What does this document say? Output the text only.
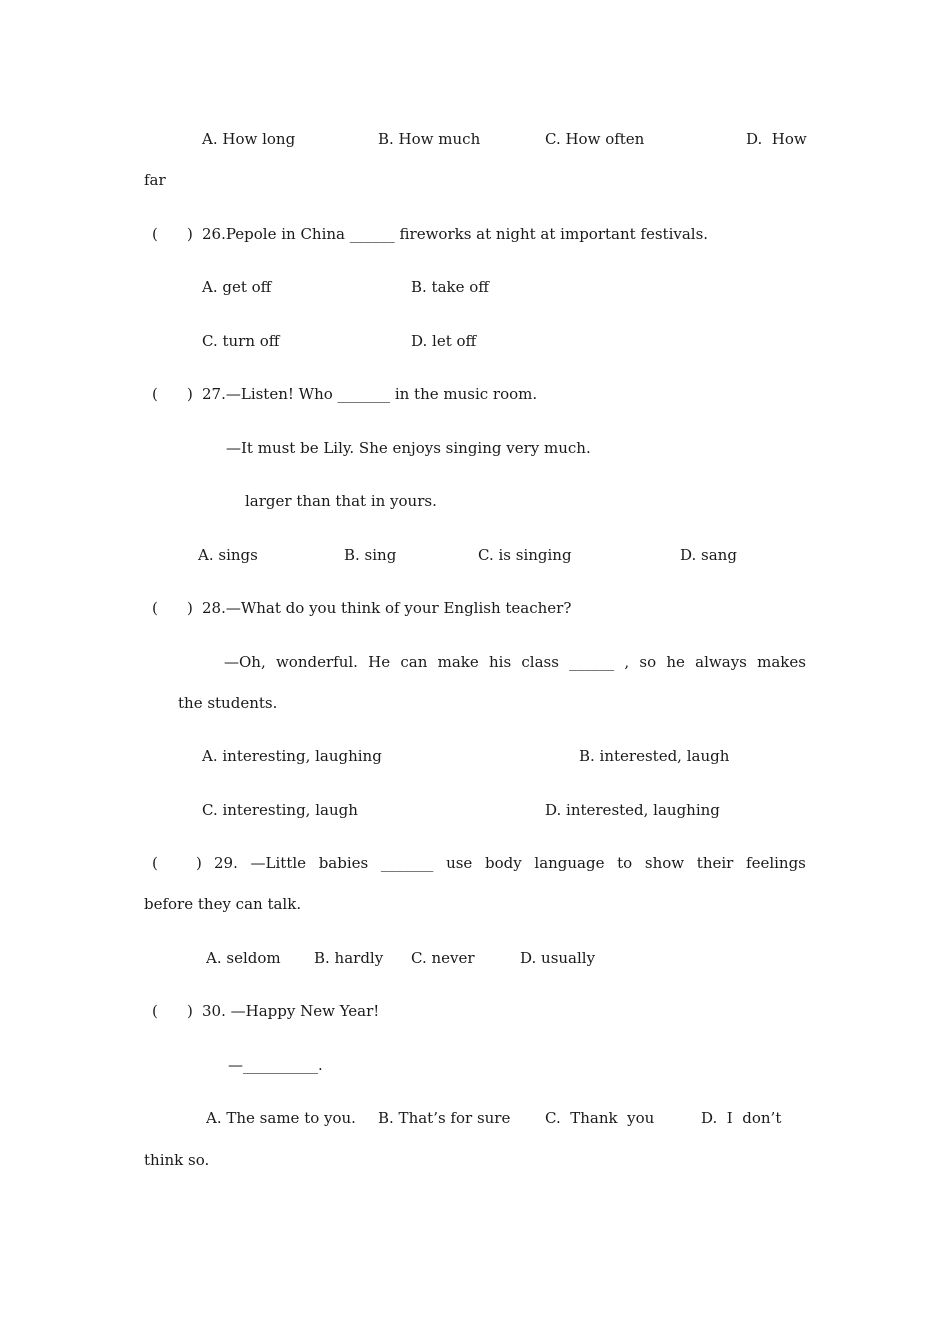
A. How long	B. How much	C. How often	D.  How
far
( ) 26.Pepole in China ______ fireworks at night at important festivals.
A. get off	B. take off
C. turn off	D. let off
( ) 27.—Listen! Who _______ in the music room.
—It must be Lily. She enjoys singing very much.
larger than that in yours.
A. sings	B. sing	C. is singing	D. sang
( ) 28.—What do you think of your English teacher?
—Oh, wonderful. He can make his class ______ , so he always makes
the students.
A. interesting, laughing	B. interested, laugh
C. interesting, laugh	D. interested, laughing
(	) 29. —Little babies _______ use body language to show their feelings
before they can talk.
A. seldom B. hardly C. never	D. usually
( ) 30. —Happy New Year!
—__________.
A. The same to you. B. That’s for sure C.  Thank  you	D.  I  don’t
think so.
